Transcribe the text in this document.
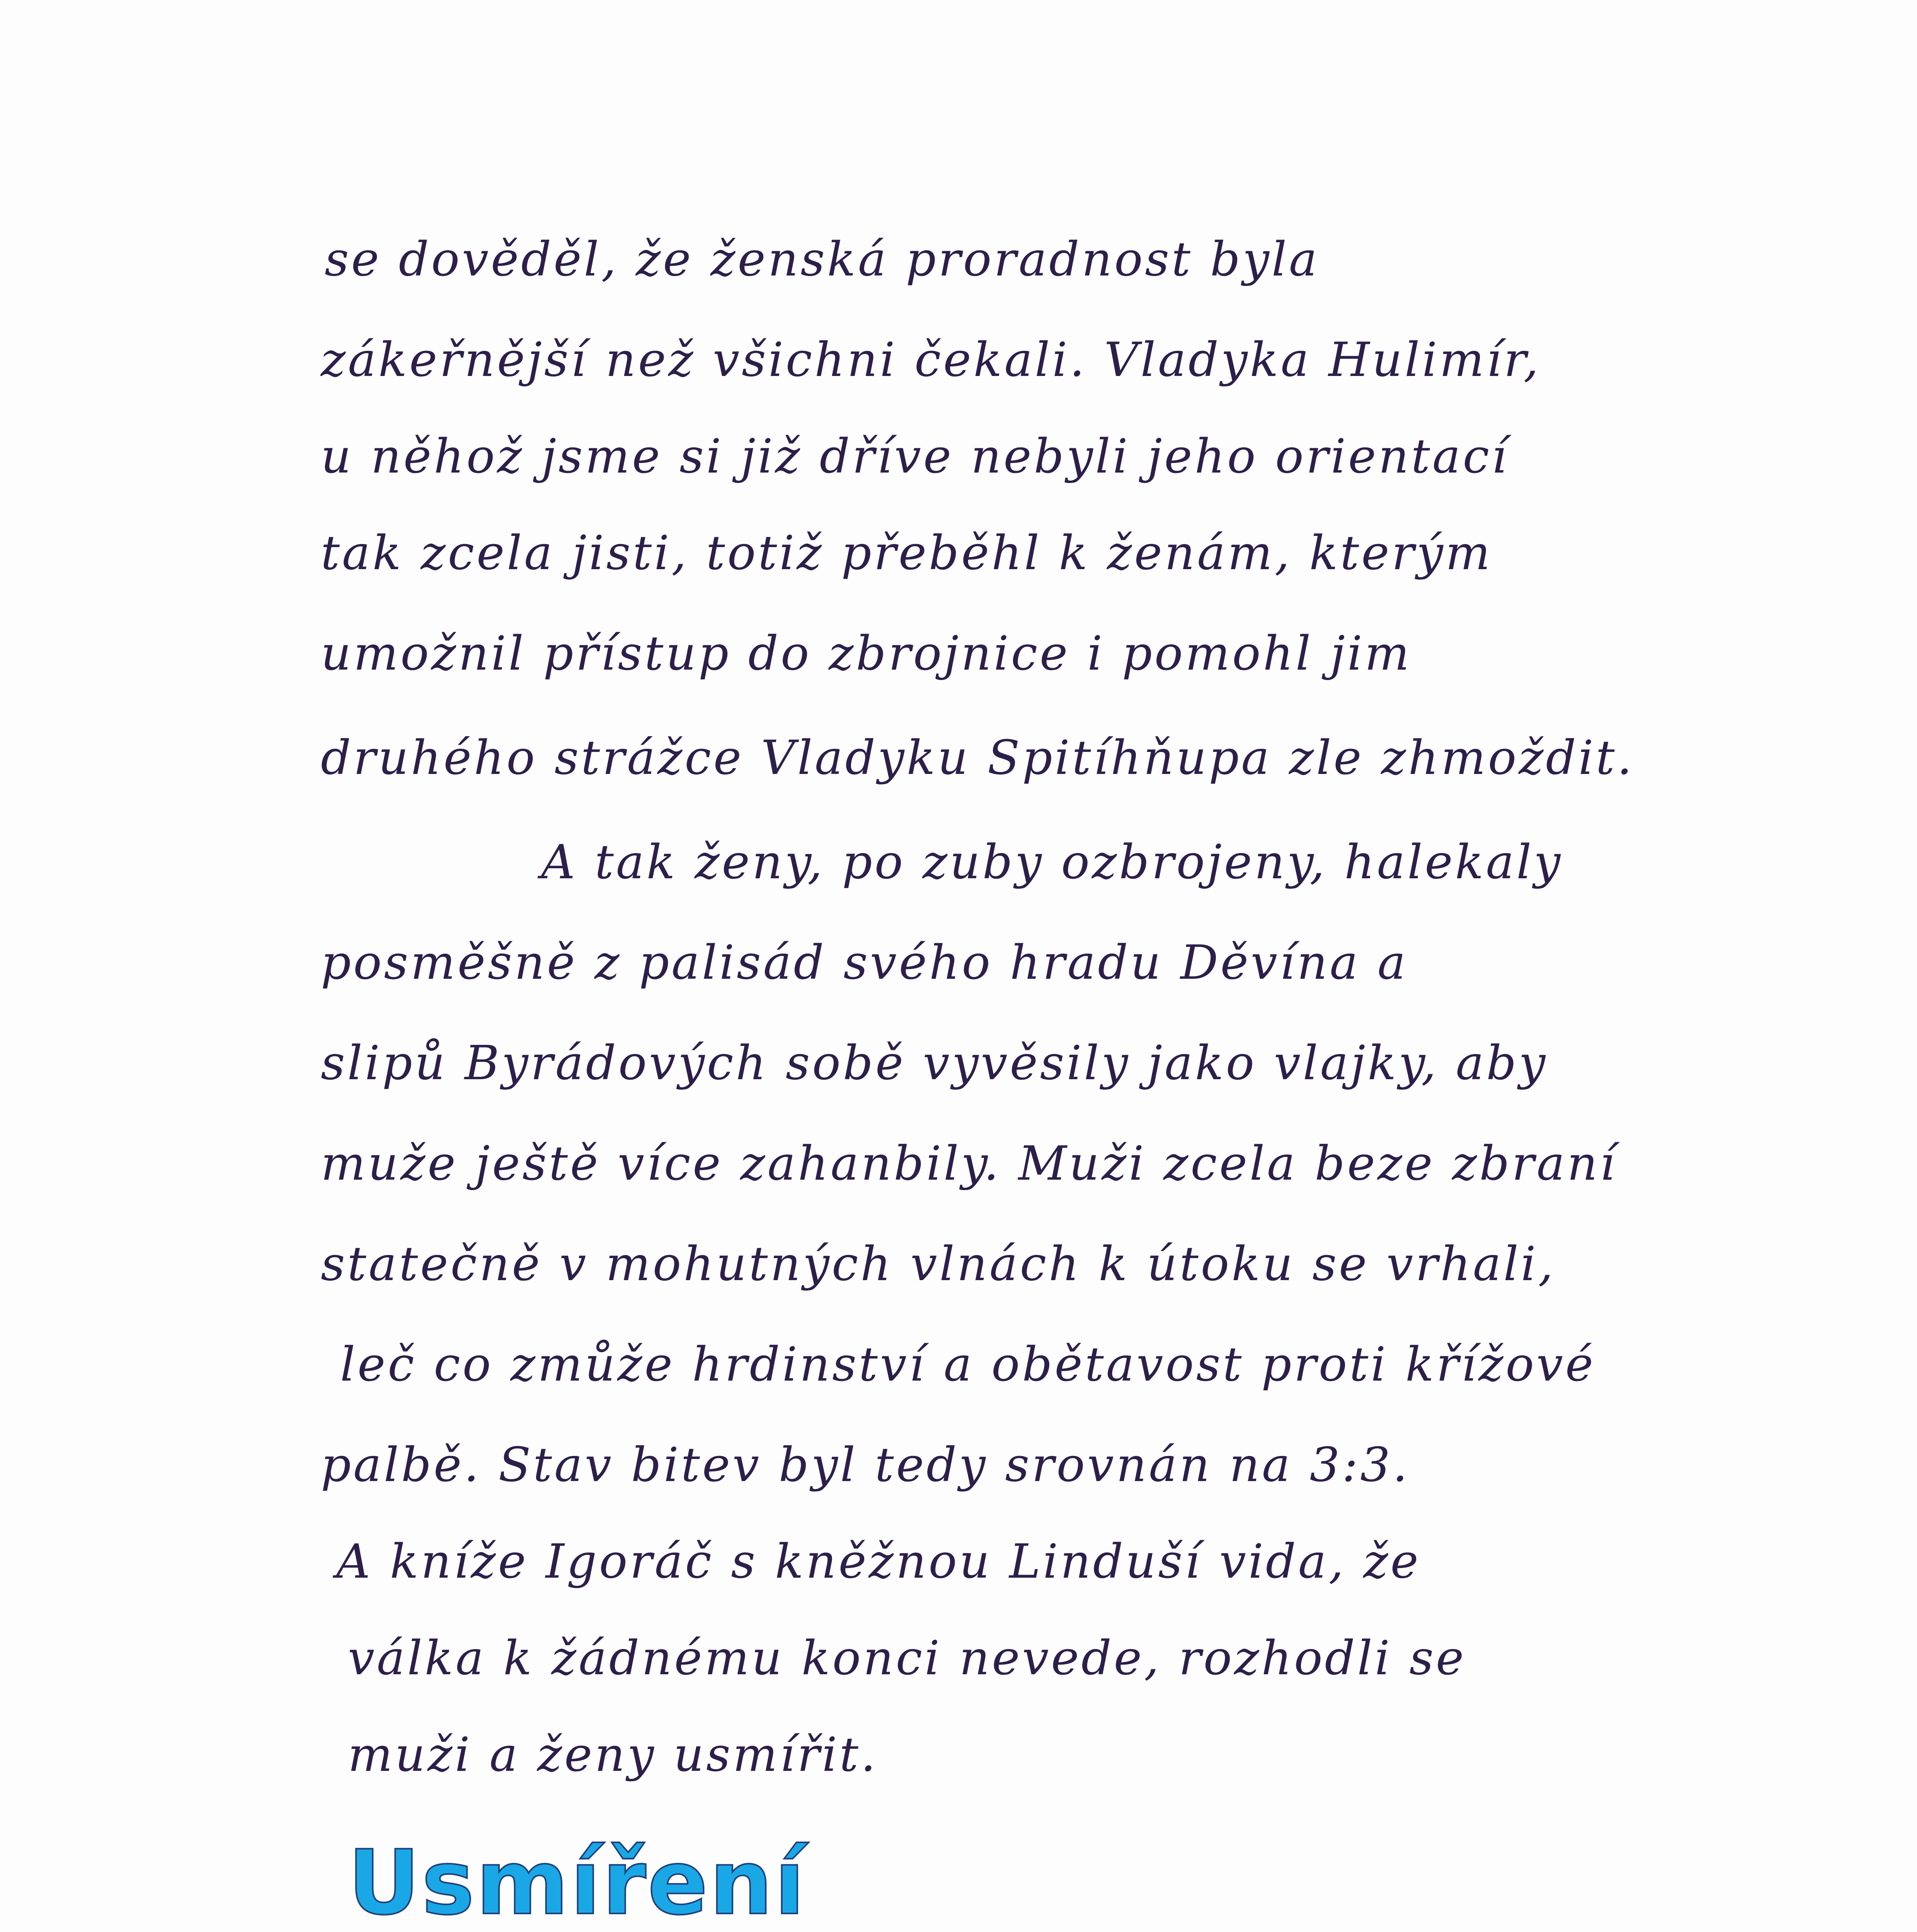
se dověděl, že ženská proradnost byla
zákeřnější než všichni čekali. Vladyka Hulimír,
u něhož jsme si již dříve nebyli jeho orientací
tak zcela jisti, totiž přeběhl k ženám, kterým
umožnil přístup do zbrojnice i pomohl jim
druhého strážce Vladyku Spitíhňupa zle zhmoždit.
A tak ženy, po zuby ozbrojeny, halekaly
posměšně z palisád svého hradu Děvína a
slipů Byrádových sobě vyvěsily jako vlajky, aby
muže ještě více zahanbily. Muži zcela beze zbraní
statečně v mohutných vlnách k útoku se vrhali,
leč co zmůže hrdinství a obětavost proti křížové
palbě. Stav bitev byl tedy srovnán na 3:3.
A kníže Igoráč s kněžnou Linduší vida, že
válka k žádnému konci nevede, rozhodli se
muži a ženy usmířit.
Usmíření
